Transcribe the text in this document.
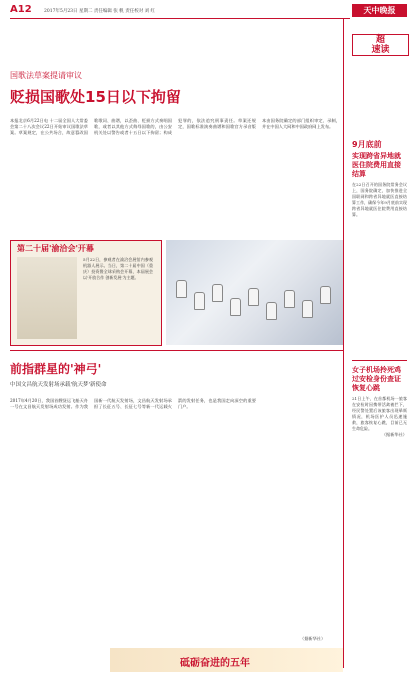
A12	2017年5月23日 星期二 责任编辑 张 帆 责任校对 刘 红	天中晚报
超
速读
国歌法草案提请审议
贬损国歌处15日以下拘留
本报北京6月22日电 十二届全国人大常委会第二十八次会议22日开始审议国歌法草案。草案规定，在公共场合，故意篡改国歌歌词、曲谱，以歪曲、贬损方式奏唱国歌，或者以其他方式侮辱国歌的，由公安机关处以警告或者十五日以下拘留；构成犯罪的，依法追究刑事责任。草案还规定，国歌标准演奏曲谱和国歌官方录音版本由国务院确定的部门组织审定、录制，并在中国人大网和中国政府网上发布。
第二十届'渝洽会'开幕
5月22日，参观者在渝洽会展馆内参观机器人展示。当日，第二十届中国（重庆）投资暨全球采购会开幕，本届展会以'开放合作 创新发展'为主题。
前指群星的'神弓'
中国文昌航天发射场承载'航天梦'新使命
2017年4月20日，我国首艘货运飞船天舟一号在文昌航天发射场成功发射。作为我国新一代航天发射场，文昌航天发射场承担了长征五号、长征七号等新一代运载火箭的发射任务，也是我国走向深空的重要门户。
（据新华社）
砥砺奋进的五年
9月底前
实现跨省异地就医住院费用直接结算
在22日召开的国务院常务会议上，国务院确定，加快推进全国联网和跨省异地就医直接结算工作，确保今年9月底前实现跨省异地就医住院费用直接结算。
女子机场拎死鸡过安检身份查证恢复心跳
21日上午，在首都机场一旅客在安检时因携带活禽被拦下，经民警处置后该旅客出现晕厥情况，机场医护人员迅速施救，旅客恢复心跳，目前已无生命危险。
（据新华社）
